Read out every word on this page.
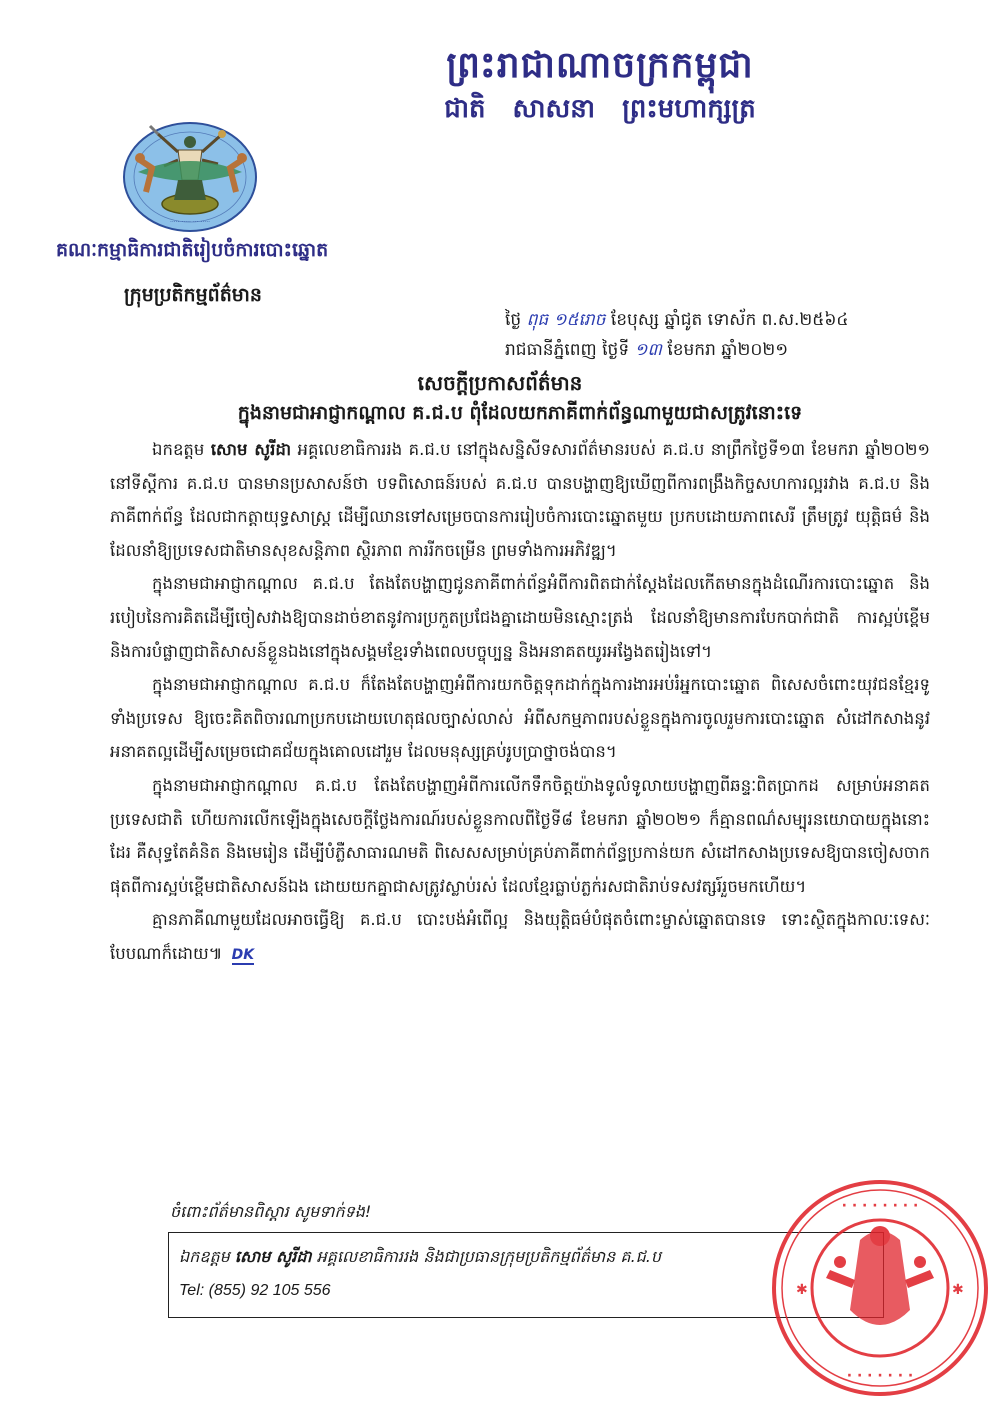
ព្រះរាជាណាចក្រកម្ពុជា
ជាតិ សាសនា ព្រះមហាក្សត្រ
····· ····· ··· ·····
គណៈកម្មាធិការជាតិរៀបចំការបោះឆ្នោត
ក្រុមប្រតិកម្មព័ត៌មាន
ថ្ងៃ ពុធ ១៥រោច ខែបុស្ស ឆ្នាំជូត ទោស័ក ព.ស.២៥៦៤
រាជធានីភ្នំពេញ ថ្ងៃទី ១៣ ខែមករា ឆ្នាំ២០២១
សេចក្តីប្រកាសព័ត៌មាន
ក្នុងនាមជាអាជ្ញាកណ្តាល គ.ជ.ប ពុំដែលយកភាគីពាក់ព័ន្ធណាមួយជាសត្រូវនោះទេ

ឯកឧត្តម សោម សូរីដា អគ្គលេខាធិការរង គ.ជ.ប នៅក្នុងសន្និសីទសារព័ត៌មានរបស់ គ.ជ.ប នាព្រឹកថ្ងៃទី១៣ ខែមករា ឆ្នាំ២០២១ នៅទីស្តីការ គ.ជ.ប បានមានប្រសាសន៍ថា បទពិសោធន៍របស់ គ.ជ.ប បានបង្ហាញឱ្យឃើញពីការពង្រឹងកិច្ចសហការល្អរវាង គ.ជ.ប និងភាគីពាក់ព័ន្ធ ដែលជាកត្តាយុទ្ធសាស្ត្រ ដើម្បីឈានទៅសម្រេចបានការរៀបចំការបោះឆ្នោតមួយ ប្រកបដោយភាពសេរី ត្រឹមត្រូវ យុត្តិធម៌ និងដែលនាំឱ្យប្រទេសជាតិមានសុខសន្តិភាព ស្ថិរភាព ការរីកចម្រើន ព្រមទាំងការអភិវឌ្ឍ។

ក្នុងនាមជាអាជ្ញាកណ្តាល គ.ជ.ប តែងតែបង្ហាញជូនភាគីពាក់ព័ន្ធអំពីការពិតជាក់ស្តែងដែលកើតមានក្នុងដំណើរការបោះឆ្នោត និងរបៀបនៃការគិតដើម្បីចៀសវាងឱ្យបានដាច់ខាតនូវការប្រកួតប្រជែងគ្នាដោយមិនស្មោះត្រង់ ដែលនាំឱ្យមានការបែកបាក់ជាតិ ការស្អប់ខ្ពើម និងការបំផ្លាញជាតិសាសន៍ខ្លួនឯងនៅក្នុងសង្គមខ្មែរទាំងពេលបច្ចុប្បន្ន និងអនាគតយូរអង្វែងតរៀងទៅ។

ក្នុងនាមជាអាជ្ញាកណ្តាល គ.ជ.ប ក៏តែងតែបង្ហាញអំពីការយកចិត្តទុកដាក់ក្នុងការងារអប់រំអ្នកបោះឆ្នោត ពិសេសចំពោះយុវជនខ្មែរទូទាំងប្រទេស ឱ្យចេះគិតពិចារណាប្រកបដោយហេតុផលច្បាស់លាស់ អំពីសកម្មភាពរបស់ខ្លួនក្នុងការចូលរួមការបោះឆ្នោត សំដៅកសាងនូវអនាគតល្អដើម្បីសម្រេចជោគជ័យក្នុងគោលដៅរួម ដែលមនុស្សគ្រប់រូបប្រាថ្នាចង់បាន។

ក្នុងនាមជាអាជ្ញាកណ្តាល គ.ជ.ប តែងតែបង្ហាញអំពីការលើកទឹកចិត្តយ៉ាងទូលំទូលាយបង្ហាញពីឆន្ទៈពិតប្រាកដ សម្រាប់អនាគតប្រទេសជាតិ ហើយការលើកឡើងក្នុងសេចក្តីថ្លែងការណ៍របស់ខ្លួនកាលពីថ្ងៃទី៨ ខែមករា ឆ្នាំ២០២១ ក៏គ្មានពណ៌សម្បុរនយោបាយក្នុងនោះដែរ គឺសុទ្ធតែគំនិត និងមេរៀន ដើម្បីបំភ្លឺសាធារណមតិ ពិសេសសម្រាប់គ្រប់ភាគីពាក់ព័ន្ធប្រកាន់យក សំដៅកសាងប្រទេសឱ្យបានចៀសចាកផុតពីការស្អប់ខ្ពើមជាតិសាសន៍ឯង ដោយយកគ្នាជាសត្រូវស្លាប់រស់ ដែលខ្មែរធ្លាប់ភ្លក់រសជាតិរាប់ទសវត្សរ៍រួចមកហើយ។

គ្មានភាគីណាមួយដែលអាចធ្វើឱ្យ គ.ជ.ប បោះបង់អំពើល្អ និងយុត្តិធម៌បំផុតចំពោះម្ចាស់ឆ្នោតបានទេ ទោះស្ថិតក្នុងកាលៈទេសៈបែបណាក៏ដោយ៕ DK

ចំពោះព័ត៌មានពិស្តារ សូមទាក់ទង!
ឯកឧត្តម សោម សូរីដា អគ្គលេខាធិការរង និងជាប្រធានក្រុមប្រតិកម្មព័ត៌មាន គ.ជ.ប
Tel: (855) 92 105 556
· · · · · · · ·
· · · · · · ·
✱	✱
